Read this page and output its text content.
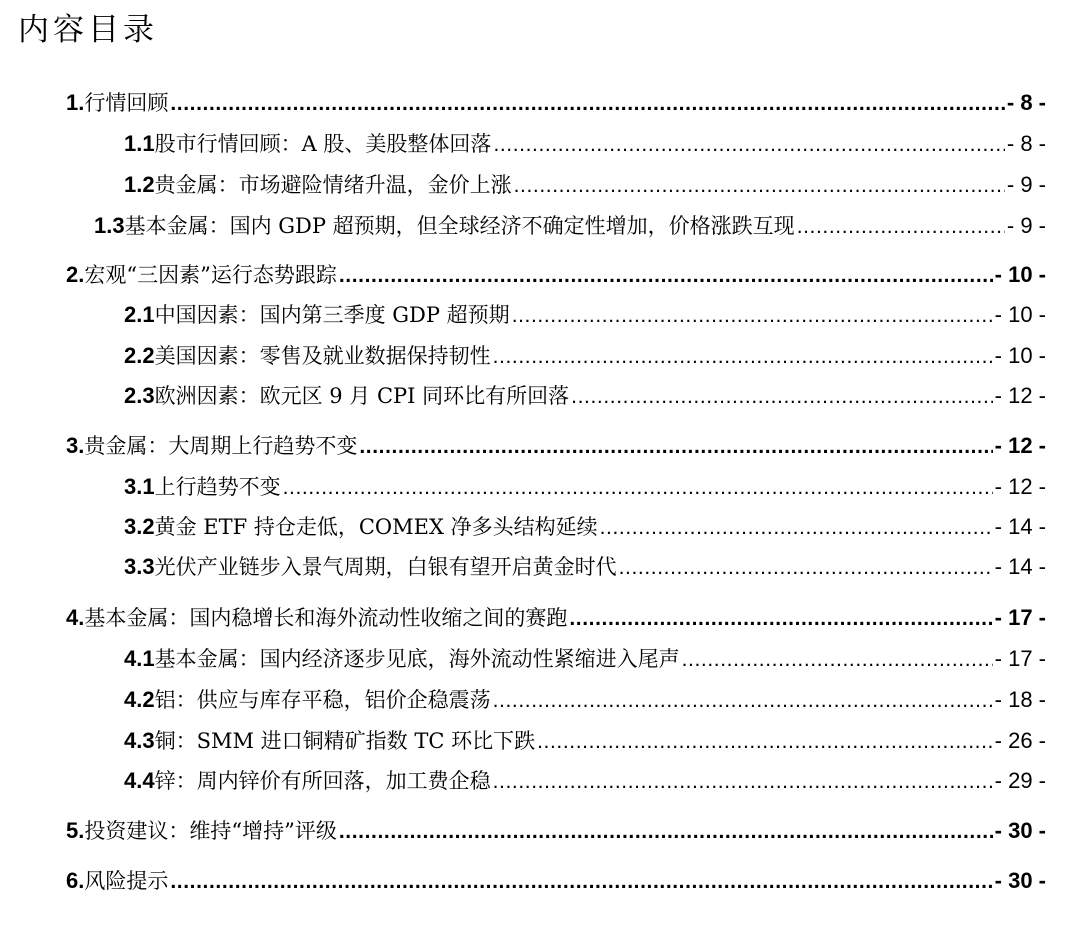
内容目录
1. 行情回顾 .....	- 8 -
1.1 股市行情回顾：A 股、美股整体回落 .....	- 8 -
1.2 贵金属：市场避险情绪升温，金价上涨 .....	- 9 -
1.3 基本金属：国内 GDP 超预期，但全球经济不确定性增加，价格涨跌互现 .....	- 9 -
2. 宏观“三因素”运行态势跟踪 .....	- 10 -
2.1 中国因素：国内第三季度 GDP 超预期 .....	- 10 -
2.2 美国因素：零售及就业数据保持韧性 .....	- 10 -
2.3 欧洲因素：欧元区 9 月 CPI 同环比有所回落 .....	- 12 -
3. 贵金属：大周期上行趋势不变 .....	- 12 -
3.1 上行趋势不变 .....	- 12 -
3.2 黄金 ETF 持仓走低，COMEX 净多头结构延续 .....	- 14 -
3.3 光伏产业链步入景气周期，白银有望开启黄金时代 .....	- 14 -
4. 基本金属：国内稳增长和海外流动性收缩之间的赛跑 .....	- 17 -
4.1 基本金属：国内经济逐步见底，海外流动性紧缩进入尾声 .....	- 17 -
4.2 铝：供应与库存平稳，铝价企稳震荡 .....	- 18 -
4.3 铜：SMM 进口铜精矿指数 TC 环比下跌 .....	- 26 -
4.4 锌：周内锌价有所回落，加工费企稳 .....	- 29 -
5. 投资建议：维持“增持”评级 .....	- 30 -
6. 风险提示 .....	- 30 -
